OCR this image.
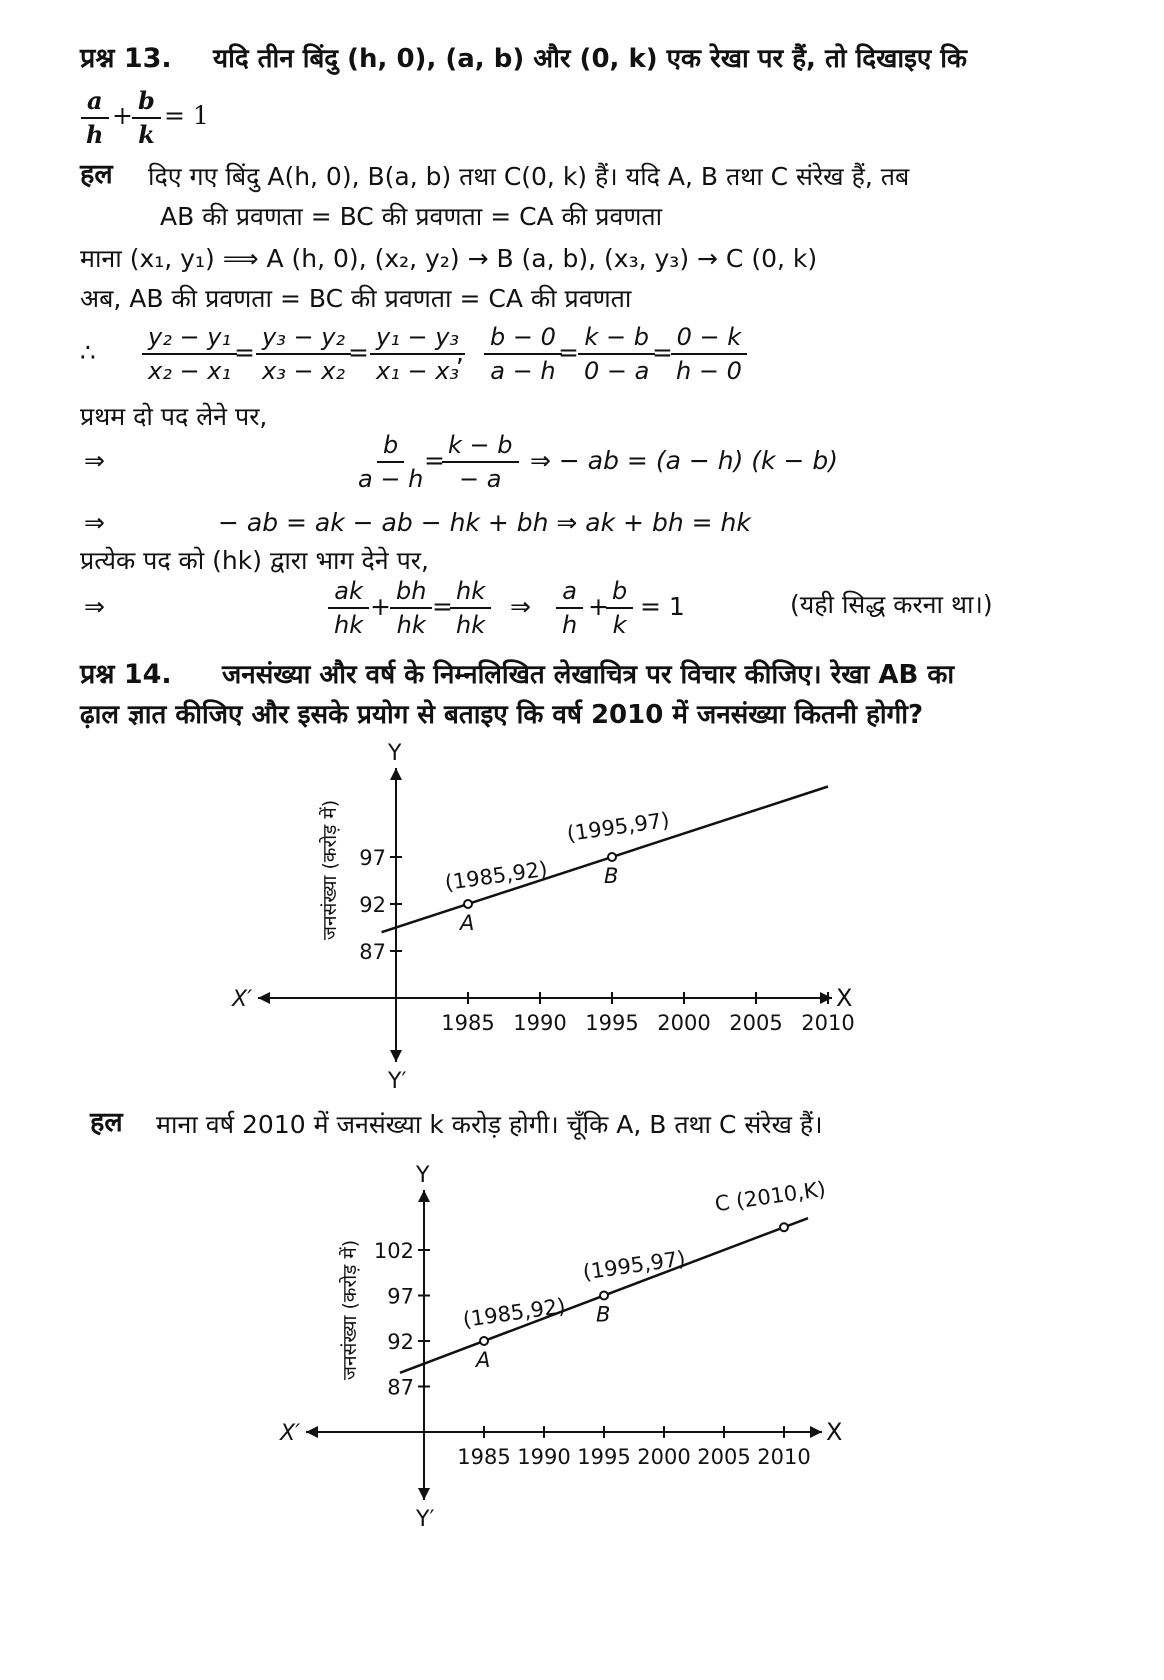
प्रश्न 13. यदि तीन बिंदु (h, 0), (a, b) और (0, k) एक रेखा पर हैं, तो दिखाइए कि
$\frac{a}{h} + \frac{b}{k} = 1$
हल दिए गए बिंदु A(h, 0), B(a, b) तथा C(0, k) हैं। यदि A, B तथा C संरेख हैं, तब
AB की प्रवणता = BC की प्रवणता = CA की प्रवणता
माना (x₁, y₁) ⟹ A (h, 0), (x₂, y₂) → B (a, b), (x₃, y₃) → C (0, k)
अब, AB की प्रवणता = BC की प्रवणता = CA की प्रवणता
∴ $\frac{\text{y₂ − y₁}}{\text{x₂ − x₁}}$
= $\frac{\text{y₃ − y₂}}{\text{x₃ − x₂}}$
= $\frac{\text{y₁ − y₃}}{\text{x₁ − x₃}}$
, $\frac{b - 0}{a - h}$
= $\frac{k - b}{0 - a}$
=
$\frac{0 - k}{h - 0}$
प्रथम दो पद लेने पर,
⇒	$\frac{b}{a - h}$
=
$\frac{k - b}{- a}$ ⇒ − ab = (a − h) (k − b)
⇒	− ab = ak − ab − hk + bh ⇒ ak + bh = hk
प्रत्येक पद को (hk) द्वारा भाग देने पर,
⇒	$\frac{ak}{hk} + \frac{bh}{hk}$ =
$\frac{hk}{hk}$ ⇒ $\frac{a}{h}$ +
$\frac{b}{k} = 1$	(यही सिद्ध करना था।)
प्रश्न 14. जनसंख्या और वर्ष के निम्नलिखित लेखाचित्र पर विचार कीजिए। रेखा AB का
ढ़ाल ज्ञात कीजिए और इसके प्रयोग से बताइए कि वर्ष 2010 में जनसंख्या कितनी होगी?
X
X′
Y
Y′
1985 1990 1995 2000 2005 2010
87
92
97
जनसंख्या (करोड़ में)	(1985,92)
A
(1995,97)
B
हल माना वर्ष 2010 में जनसंख्या k करोड़ होगी। चूँकि A, B तथा C संरेख हैं।
X
X′
Y
Y′
1985 1990 1995 2000 2005 2010
87
92
97
102
जनसंख्या (करोड़ में)	(1985,92)
A
(1995,97)
B
C (2010,K)
